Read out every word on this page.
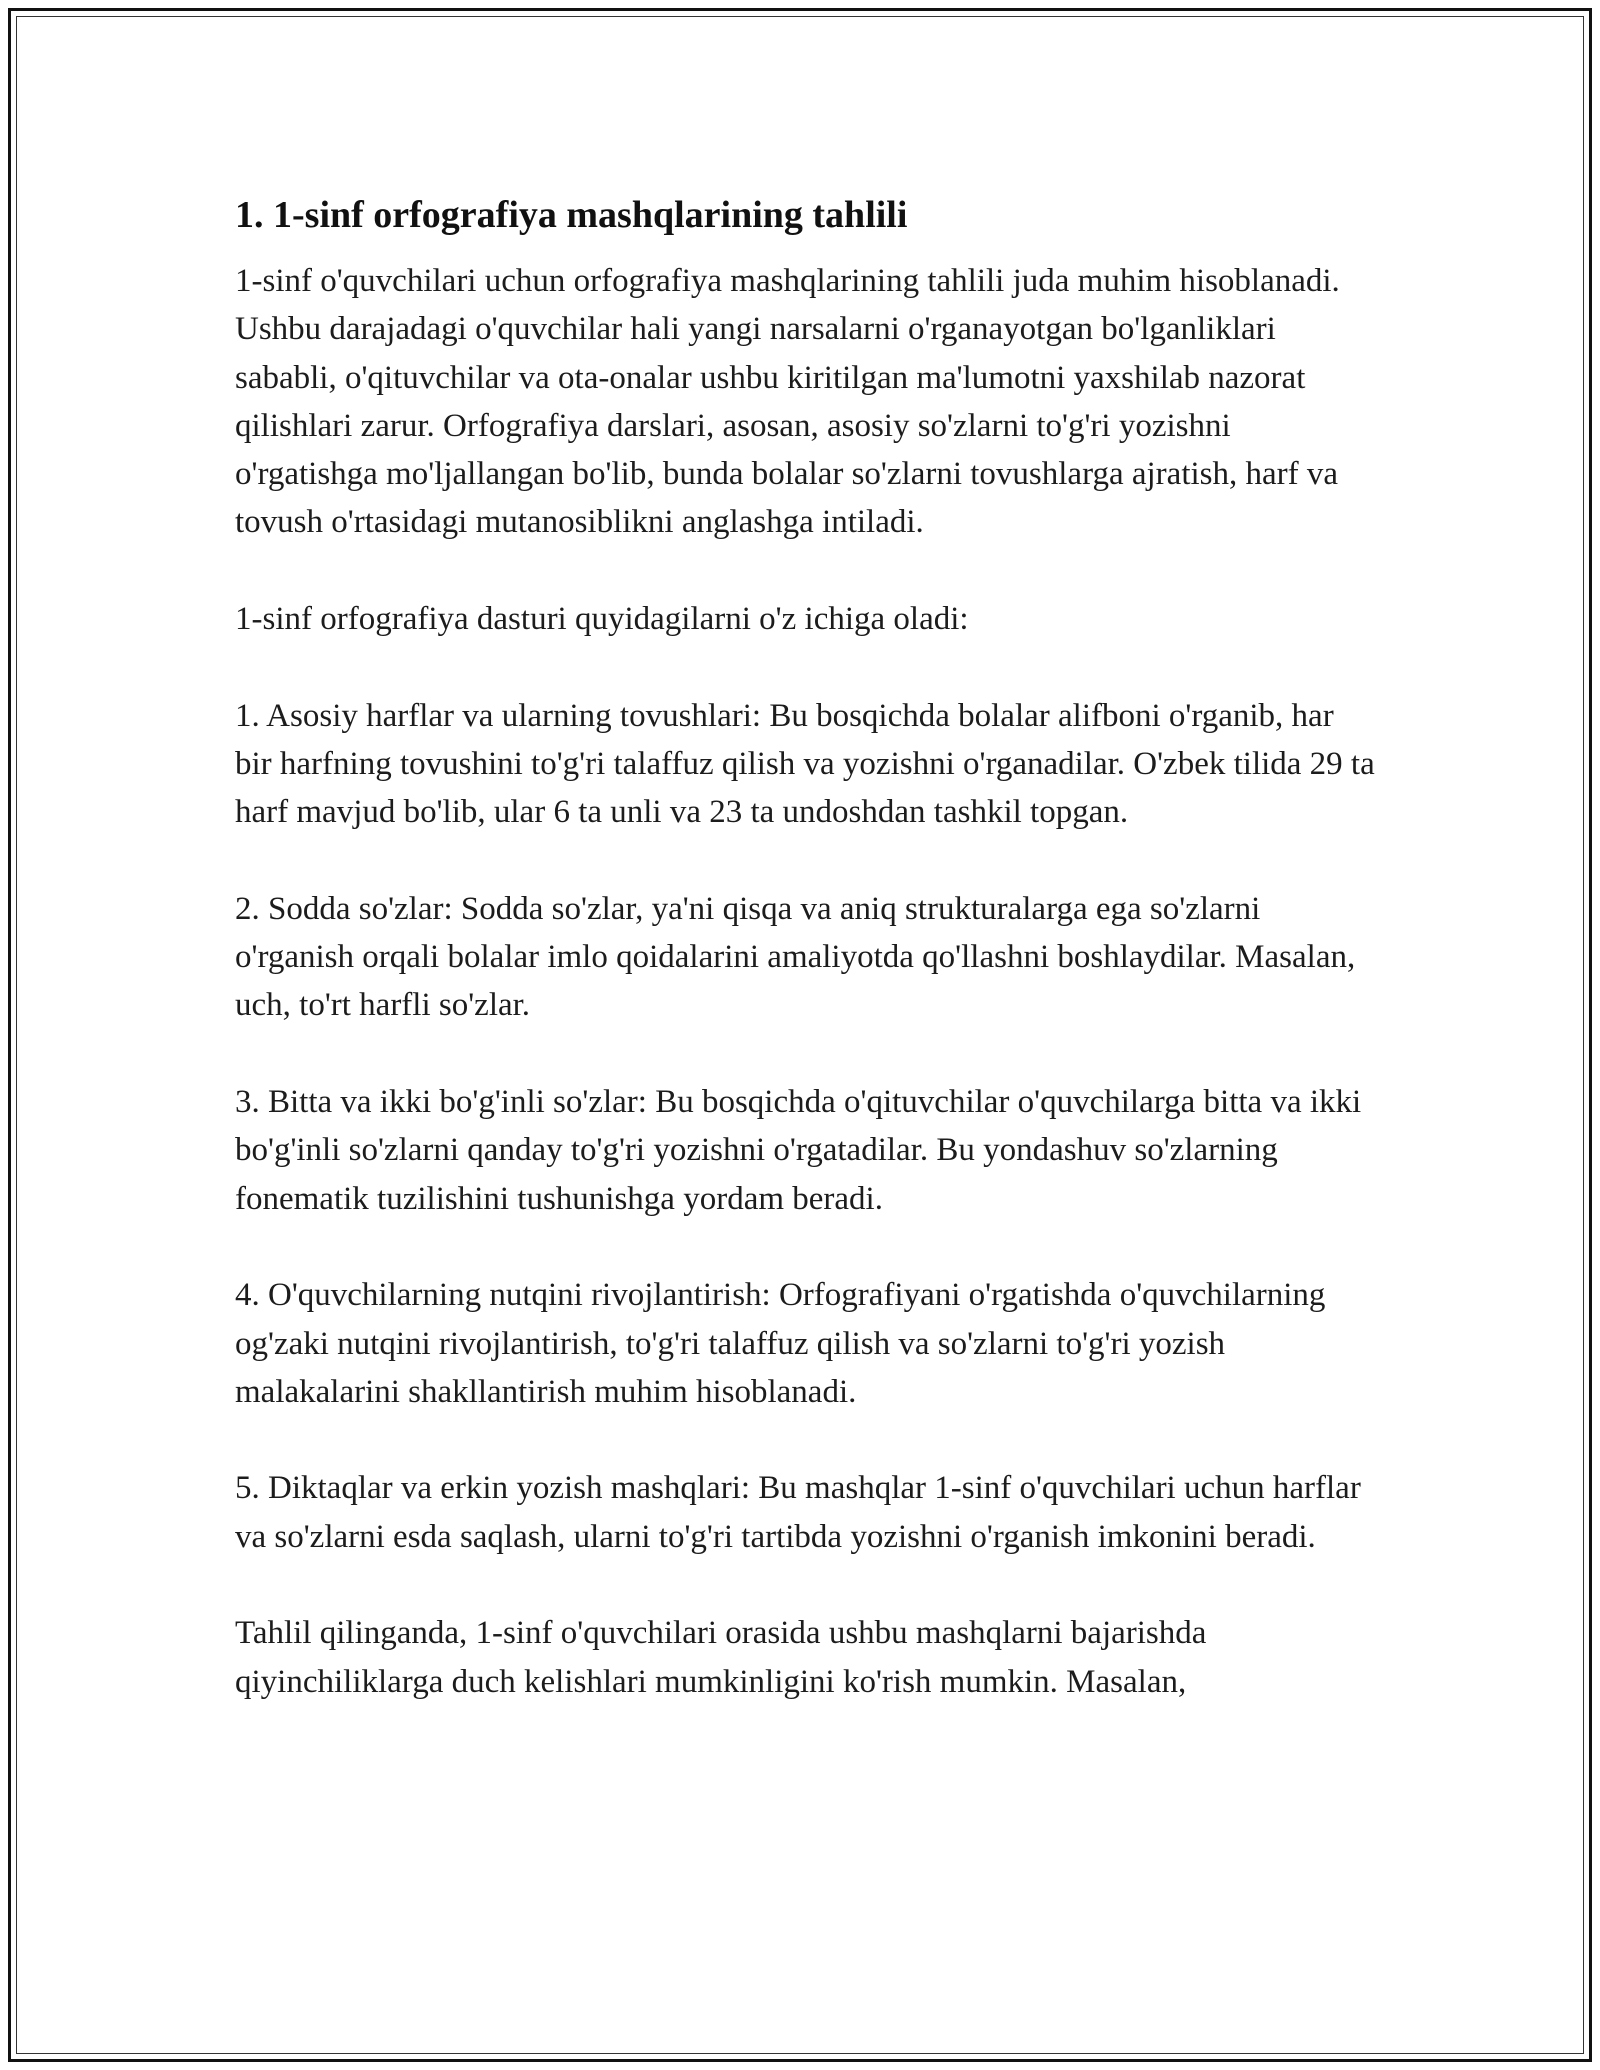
1. 1-sinf orfografiya mashqlarining tahlili

1-sinf o'quvchilari uchun orfografiya mashqlarining tahlili juda muhim hisoblanadi. Ushbu darajadagi o'quvchilar hali yangi narsalarni o'rganayotgan bo'lganliklari sababli, o'qituvchilar va ota-onalar ushbu kiritilgan ma'lumotni yaxshilab nazorat qilishlari zarur. Orfografiya darslari, asosan, asosiy so'zlarni to'g'ri yozishni o'rgatishga mo'ljallangan bo'lib, bunda bolalar so'zlarni tovushlarga ajratish, harf va tovush o'rtasidagi mutanosiblikni anglashga intiladi.

1-sinf orfografiya dasturi quyidagilarni o'z ichiga oladi:

1. Asosiy harflar va ularning tovushlari: Bu bosqichda bolalar alifboni o'rganib, har bir harfning tovushini to'g'ri talaffuz qilish va yozishni o'rganadilar. O'zbek tilida 29 ta harf mavjud bo'lib, ular 6 ta unli va 23 ta undoshdan tashkil topgan.

2. Sodda so'zlar: Sodda so'zlar, ya'ni qisqa va aniq strukturalarga ega so'zlarni o'rganish orqali bolalar imlo qoidalarini amaliyotda qo'llashni boshlaydilar. Masalan, uch, to'rt harfli so'zlar.

3. Bitta va ikki bo'g'inli so'zlar: Bu bosqichda o'qituvchilar o'quvchilarga bitta va ikki bo'g'inli so'zlarni qanday to'g'ri yozishni o'rgatadilar. Bu yondashuv so'zlarning fonematik tuzilishini tushunishga yordam beradi.

4. O'quvchilarning nutqini rivojlantirish: Orfografiyani o'rgatishda o'quvchilarning og'zaki nutqini rivojlantirish, to'g'ri talaffuz qilish va so'zlarni to'g'ri yozish malakalarini shakllantirish muhim hisoblanadi.

5. Diktaqlar va erkin yozish mashqlari: Bu mashqlar 1-sinf o'quvchilari uchun harflar va so'zlarni esda saqlash, ularni to'g'ri tartibda yozishni o'rganish imkonini beradi.

Tahlil qilinganda, 1-sinf o'quvchilari orasida ushbu mashqlarni bajarishda qiyinchiliklarga duch kelishlari mumkinligini ko'rish mumkin. Masalan,
